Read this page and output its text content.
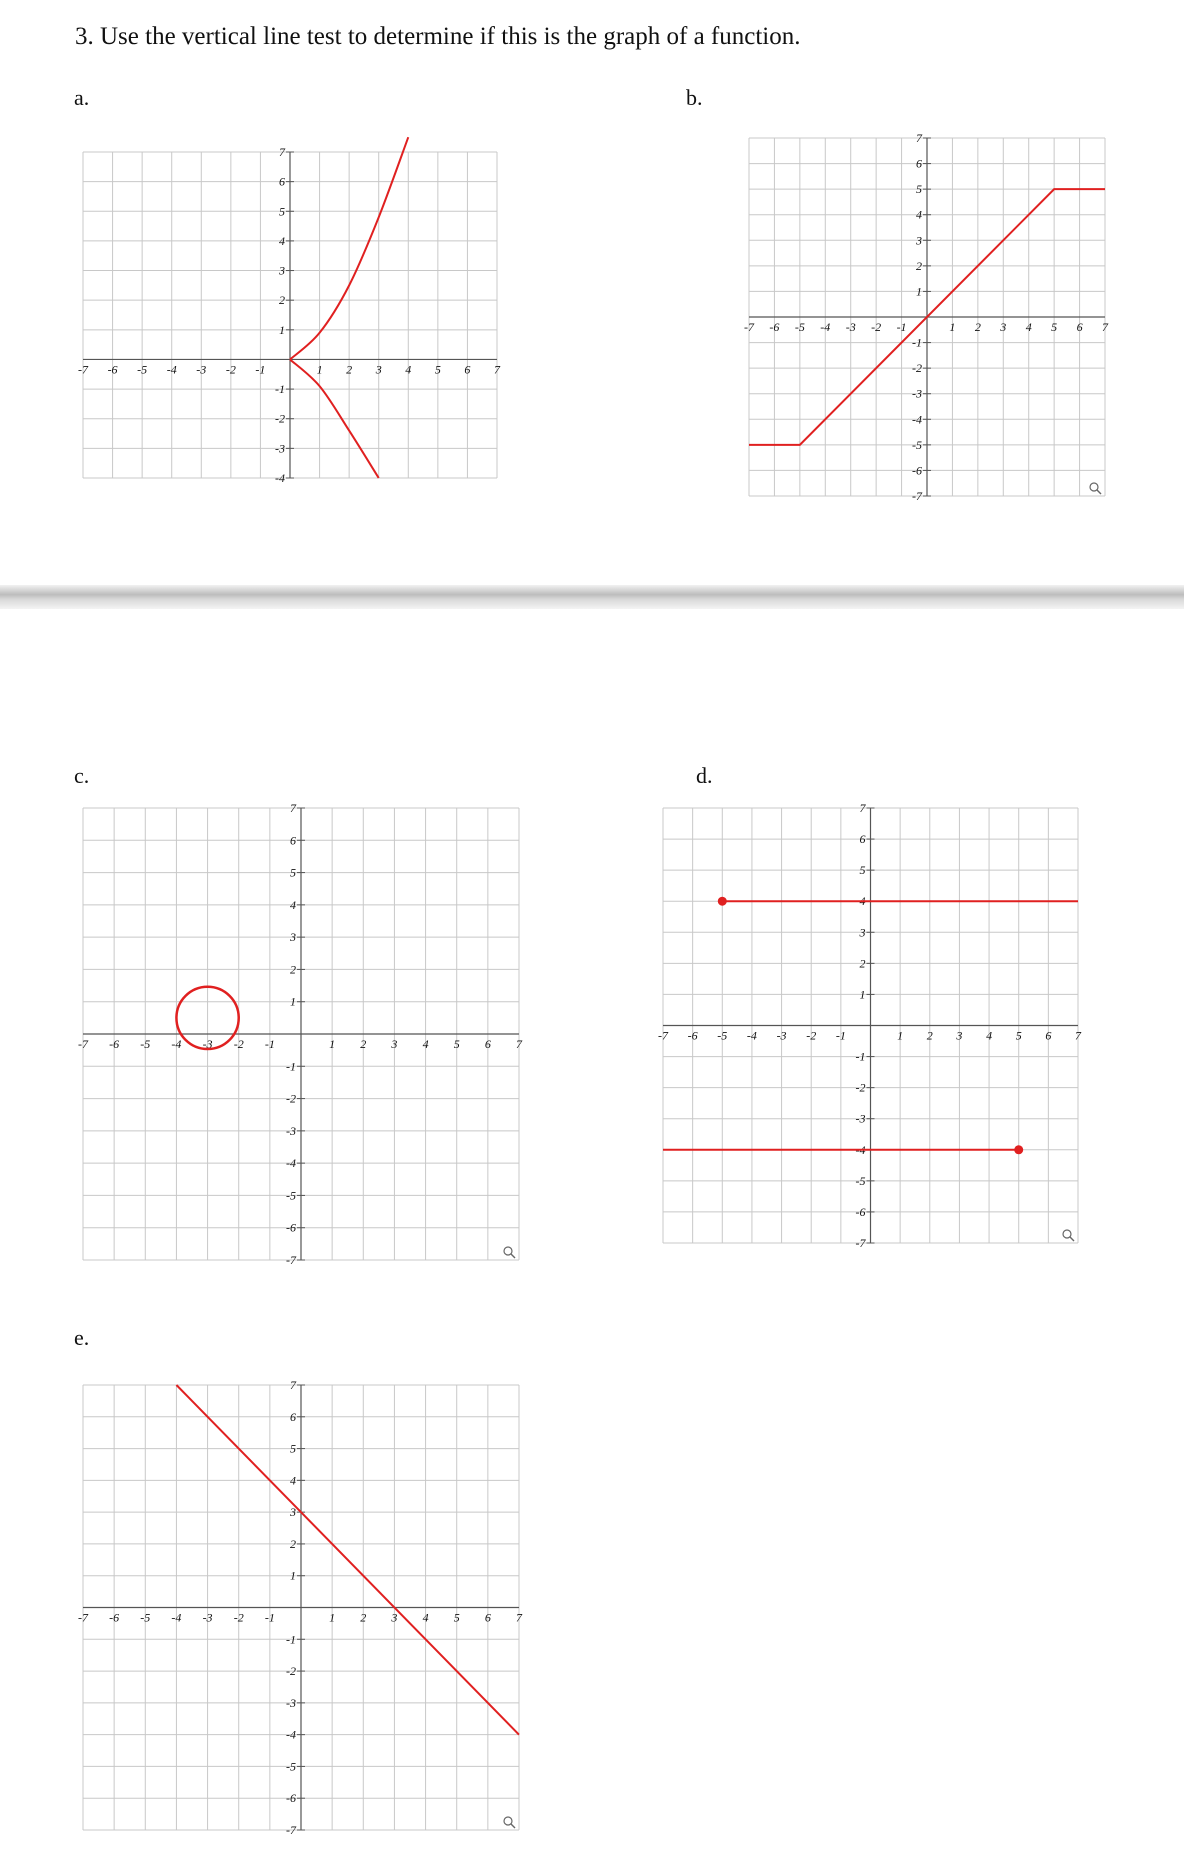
3. Use the vertical line test to determine if this is the graph of a function.
a.	b.
c.	d.
e.
-7 -6 -5 -4 -3 -2 -1	1 2 3 4 5 6 7
7
6
5
4
3
2
1
-1
-2
-3
-4
-7 -6 -5 -4 -3 -2 -1	1 2 3 4 5 6 7
7
6
5
4
3
2
1
-1
-2
-3
-4
-5
-6
-7
-7 -6 -5 -4 -3 -2 -1	1 2 3 4 5 6 7
7
6
5
4
3
2
1
-1
-2
-3
-4
-5
-6
-7
-7 -6 -5 -4 -3 -2 -1	1 2 3 4 5 6 7
7
6
5
4
3
2
1
-1
-2
-3
-4
-5
-6
-7
-7 -6 -5 -4 -3 -2 -1	1 2 3 4 5 6 7
7
6
5
4
3
2
1
-1
-2
-3
-4
-5
-6
-7
